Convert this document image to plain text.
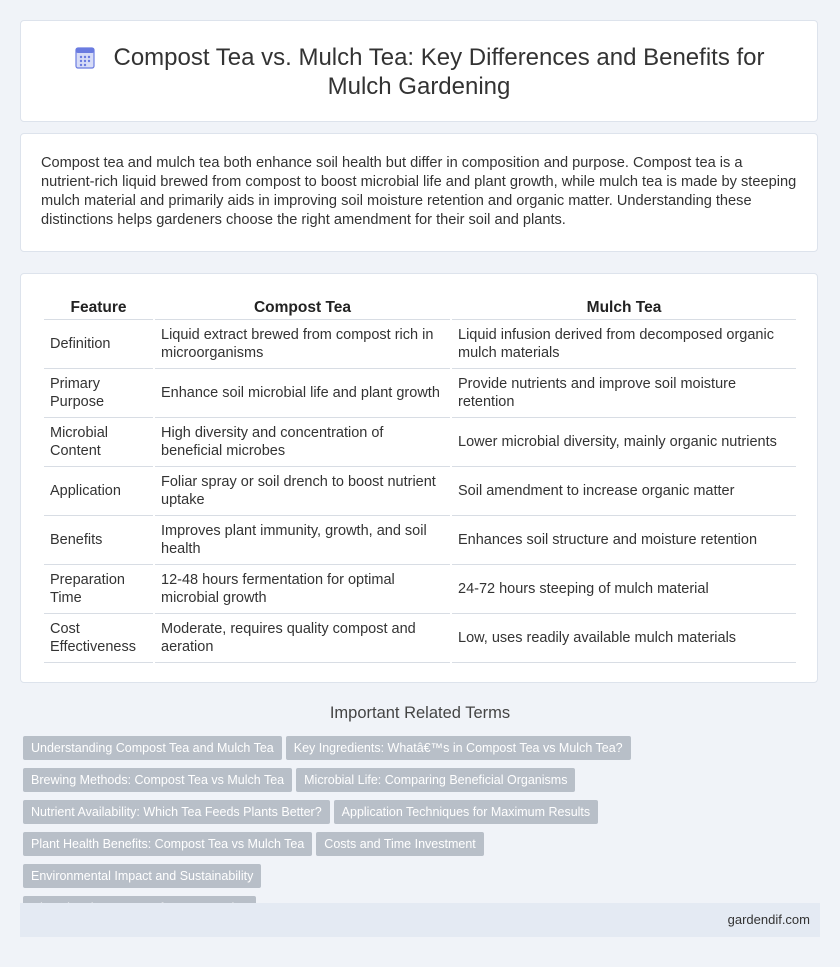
Compost Tea vs. Mulch Tea: Key Differences and Benefits for Mulch Gardening
Compost tea and mulch tea both enhance soil health but differ in composition and purpose. Compost tea is a nutrient-rich liquid brewed from compost to boost microbial life and plant growth, while mulch tea is made by steeping mulch material and primarily aids in improving soil moisture retention and organic matter. Understanding these distinctions helps gardeners choose the right amendment for their soil and plants.
Feature	Compost Tea	Mulch Tea
Definition	Liquid extract brewed from compost rich in microorganisms	Liquid infusion derived from decomposed organic mulch materials
Primary Purpose	Enhance soil microbial life and plant growth	Provide nutrients and improve soil moisture retention
Microbial Content	High diversity and concentration of beneficial microbes	Lower microbial diversity, mainly organic nutrients
Application	Foliar spray or soil drench to boost nutrient uptake	Soil amendment to increase organic matter
Benefits	Improves plant immunity, growth, and soil health	Enhances soil structure and moisture retention
Preparation Time	12-48 hours fermentation for optimal microbial growth	24-72 hours steeping of mulch material
Cost Effectiveness	Moderate, requires quality compost and aeration	Low, uses readily available mulch materials
Important Related Terms
Understanding Compost Tea and Mulch Tea Key Ingredients: Whatâ€™s in Compost Tea vs Mulch Tea?
Brewing Methods: Compost Tea vs Mulch Tea Microbial Life: Comparing Beneficial Organisms
Nutrient Availability: Which Tea Feeds Plants Better? Application Techniques for Maximum Results
Plant Health Benefits: Compost Tea vs Mulch Tea Costs and Time InvestmentEnvironmental Impact and Sustainability

gardendif.com
